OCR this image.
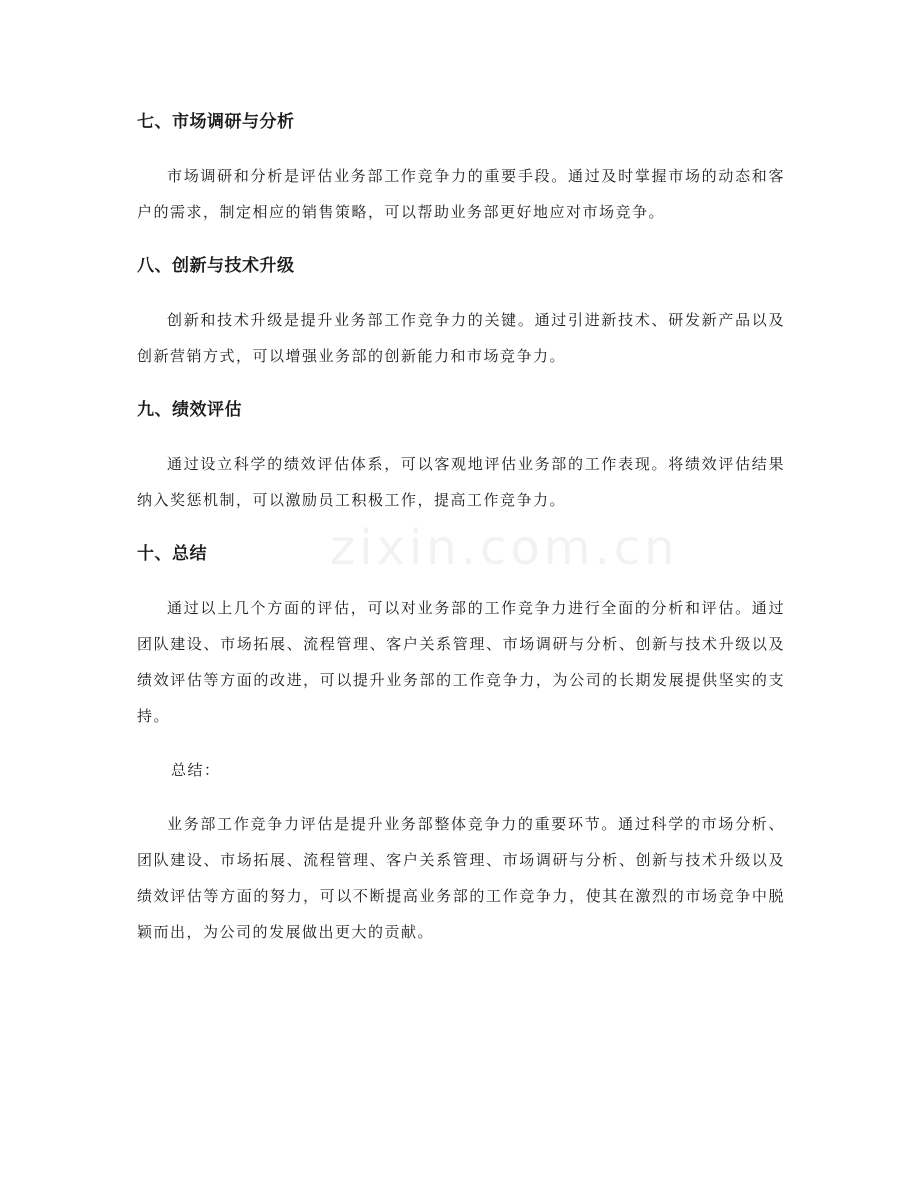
zixin.com.cn
七、市场调研与分析
市场调研和分析是评估业务部工作竞争力的重要手段。通过及时掌握市场的动态和客户的需求，制定相应的销售策略，可以帮助业务部更好地应对市场竞争。
八、创新与技术升级
创新和技术升级是提升业务部工作竞争力的关键。通过引进新技术、研发新产品以及创新营销方式，可以增强业务部的创新能力和市场竞争力。
九、绩效评估
通过设立科学的绩效评估体系，可以客观地评估业务部的工作表现。将绩效评估结果纳入奖惩机制，可以激励员工积极工作，提高工作竞争力。
十、总结
通过以上几个方面的评估，可以对业务部的工作竞争力进行全面的分析和评估。通过团队建设、市场拓展、流程管理、客户关系管理、市场调研与分析、创新与技术升级以及绩效评估等方面的改进，可以提升业务部的工作竞争力，为公司的长期发展提供坚实的支持。
总结：
业务部工作竞争力评估是提升业务部整体竞争力的重要环节。通过科学的市场分析、团队建设、市场拓展、流程管理、客户关系管理、市场调研与分析、创新与技术升级以及绩效评估等方面的努力，可以不断提高业务部的工作竞争力，使其在激烈的市场竞争中脱颖而出，为公司的发展做出更大的贡献。
